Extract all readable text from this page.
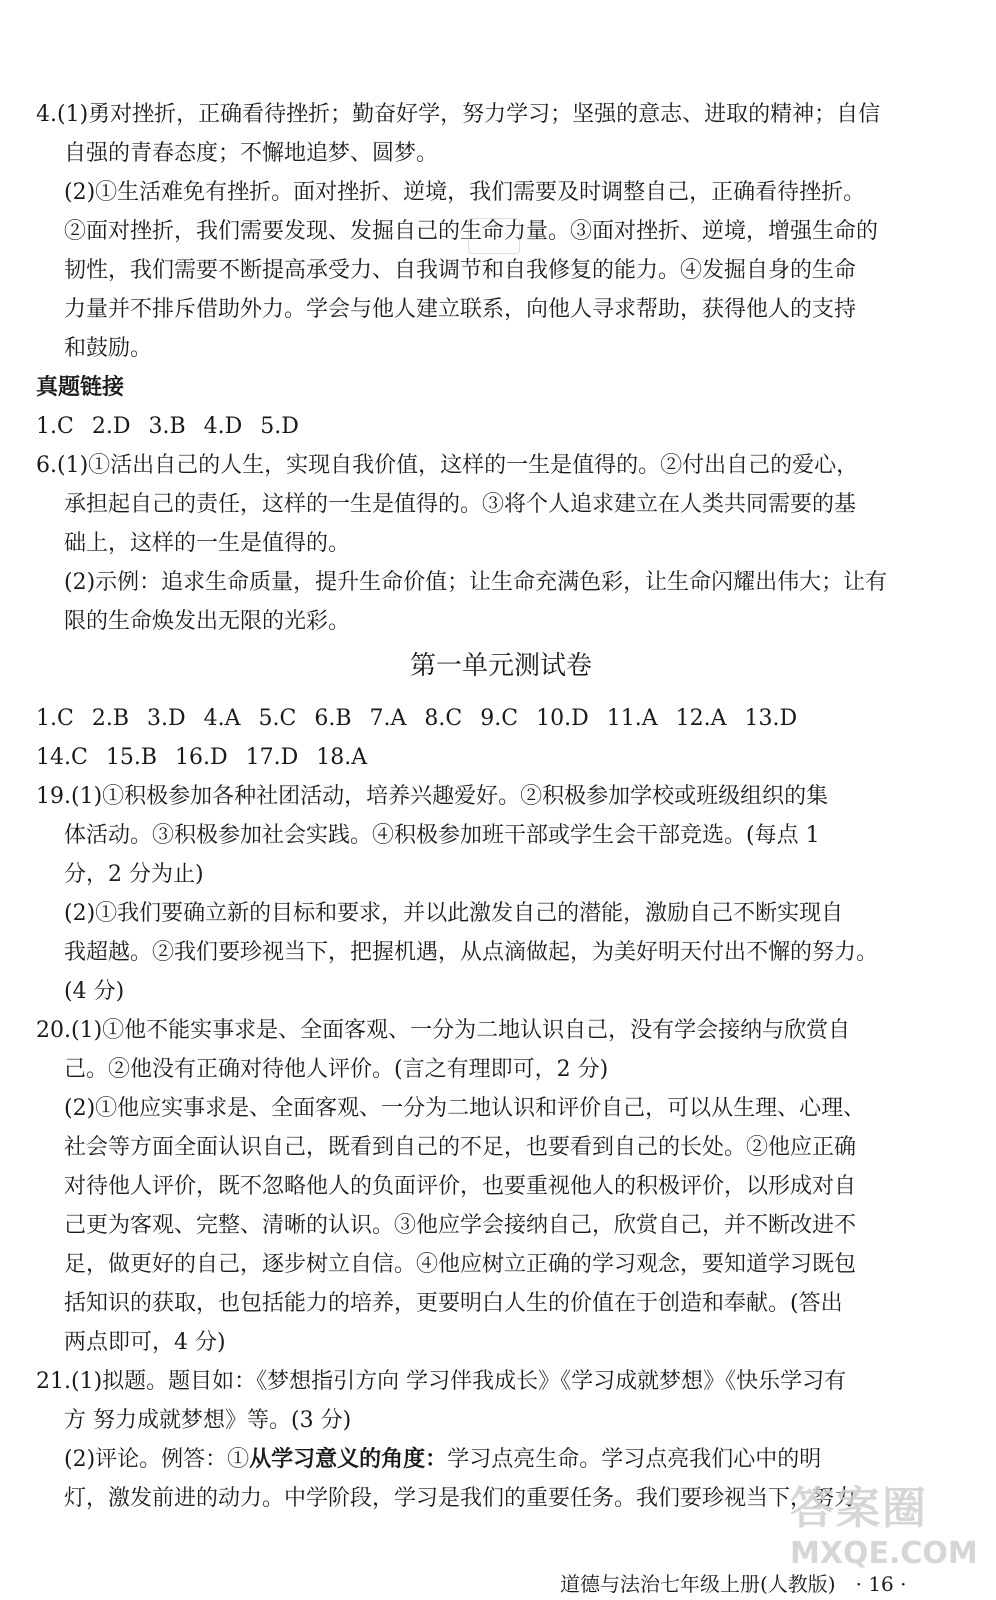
4.(1)勇对挫折，正确看待挫折；勤奋好学，努力学习；坚强的意志、进取的精神；自信
自强的青春态度；不懈地追梦、圆梦。
(2)①生活难免有挫折。面对挫折、逆境，我们需要及时调整自己，正确看待挫折。
②面对挫折，我们需要发现、发掘自己的生命力量。③面对挫折、逆境，增强生命的
韧性，我们需要不断提高承受力、自我调节和自我修复的能力。④发掘自身的生命
力量并不排斥借助外力。学会与他人建立联系，向他人寻求帮助，获得他人的支持
和鼓励。
真题链接
1.C 2.D 3.B 4.D 5.D
6.(1)①活出自己的人生，实现自我价值，这样的一生是值得的。②付出自己的爱心，
承担起自己的责任，这样的一生是值得的。③将个人追求建立在人类共同需要的基
础上，这样的一生是值得的。
(2)示例：追求生命质量，提升生命价值；让生命充满色彩，让生命闪耀出伟大；让有
限的生命焕发出无限的光彩。
第一单元测试卷
1.C 2.B 3.D 4.A 5.C 6.B 7.A 8.C 9.C 10.D 11.A 12.A 13.D
14.C 15.B 16.D 17.D 18.A
19.(1)①积极参加各种社团活动，培养兴趣爱好。②积极参加学校或班级组织的集
体活动。③积极参加社会实践。④积极参加班干部或学生会干部竞选。(每点 1
分，2 分为止)
(2)①我们要确立新的目标和要求，并以此激发自己的潜能，激励自己不断实现自
我超越。②我们要珍视当下，把握机遇，从点滴做起，为美好明天付出不懈的努力。
(4 分)
20.(1)①他不能实事求是、全面客观、一分为二地认识自己，没有学会接纳与欣赏自
己。②他没有正确对待他人评价。(言之有理即可，2 分)
(2)①他应实事求是、全面客观、一分为二地认识和评价自己，可以从生理、心理、
社会等方面全面认识自己，既看到自己的不足，也要看到自己的长处。②他应正确
对待他人评价，既不忽略他人的负面评价，也要重视他人的积极评价，以形成对自
己更为客观、完整、清晰的认识。③他应学会接纳自己，欣赏自己，并不断改进不
足，做更好的自己，逐步树立自信。④他应树立正确的学习观念，要知道学习既包
括知识的获取，也包括能力的培养，更要明白人生的价值在于创造和奉献。(答出
两点即可，4 分)
21.(1)拟题。题目如：《梦想指引方向 学习伴我成长》《学习成就梦想》《快乐学习有
方 努力成就梦想》等。(3 分)
(2)评论。例答：①从学习意义的角度：学习点亮生命。学习点亮我们心中的明
灯，激发前进的动力。中学阶段，学习是我们的重要任务。我们要珍视当下，努力
答案圈
MXQE.COM
道德与法治七年级上册(人教版)　· 16 ·
